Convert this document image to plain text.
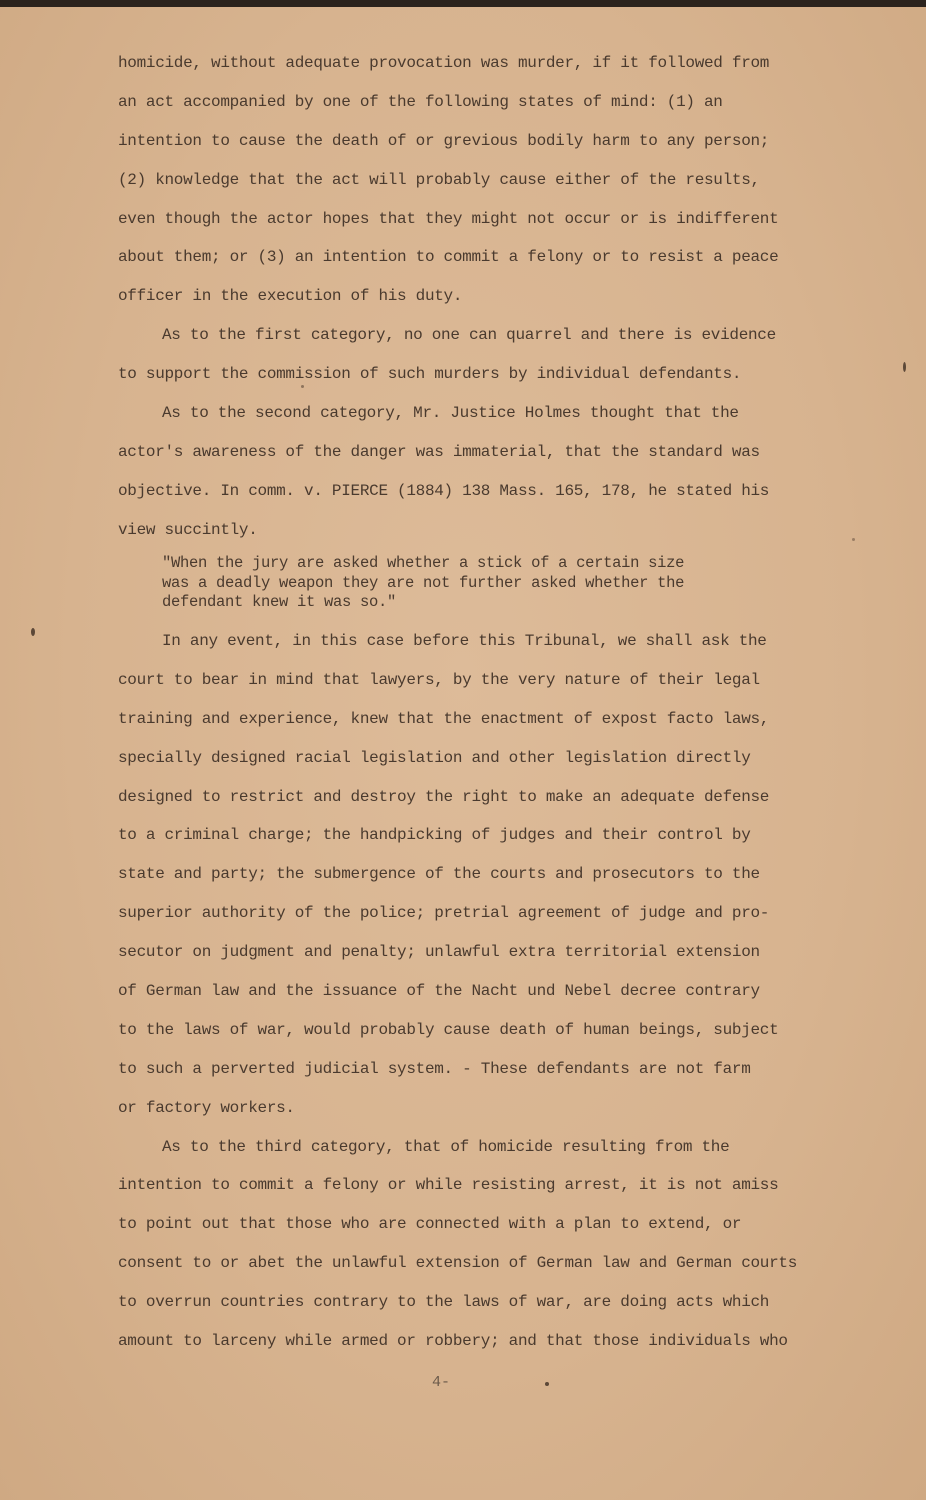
homicide, without adequate provocation was murder, if it followed from
an act accompanied by one of the following states of mind: (1) an
intention to cause the death of or grevious bodily harm to any person;
(2) knowledge that the act will probably cause either of the results,
even though the actor hopes that they might not occur or is indifferent
about them; or (3) an intention to commit a felony or to resist a peace
officer in the execution of his duty.
As to the first category, no one can quarrel and there is evidence
to support the commission of such murders by individual defendants.
As to the second category, Mr. Justice Holmes thought that the
actor's awareness of the danger was immaterial, that the standard was
objective. In comm. v. PIERCE (1884) 138 Mass. 165, 178, he stated his
view succintly.
"When the jury are asked whether a stick of a certain size
was a deadly weapon they are not further asked whether the
defendant knew it was so."
In any event, in this case before this Tribunal, we shall ask the
court to bear in mind that lawyers, by the very nature of their legal
training and experience, knew that the enactment of expost facto laws,
specially designed racial legislation and other legislation directly
designed to restrict and destroy the right to make an adequate defense
to a criminal charge; the handpicking of judges and their control by
state and party; the submergence of the courts and prosecutors to the
superior authority of the police; pretrial agreement of judge and pro-
secutor on judgment and penalty; unlawful extra territorial extension
of German law and the issuance of the Nacht und Nebel decree contrary
to the laws of war, would probably cause death of human beings, subject
to such a perverted judicial system. - These defendants are not farm
or factory workers.
As to the third category, that of homicide resulting from the
intention to commit a felony or while resisting arrest, it is not amiss
to point out that those who are connected with a plan to extend, or
consent to or abet the unlawful extension of German law and German courts
to overrun countries contrary to the laws of war, are doing acts which
amount to larceny while armed or robbery; and that those individuals who
4-
